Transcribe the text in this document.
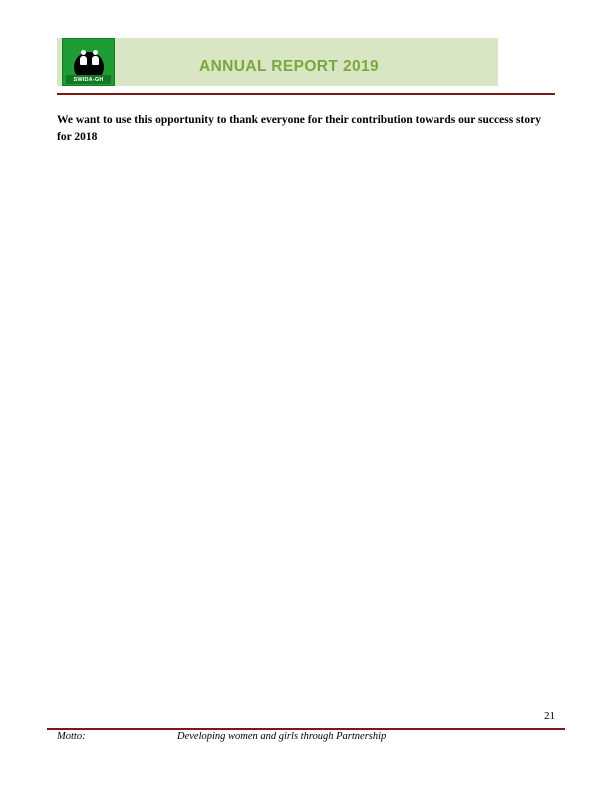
SWIDA-GH
ANNUAL REPORT 2019
We want to use this opportunity to thank everyone for their contribution towards our success story for 2018
21
Motto:	Developing women and girls through Partnership
